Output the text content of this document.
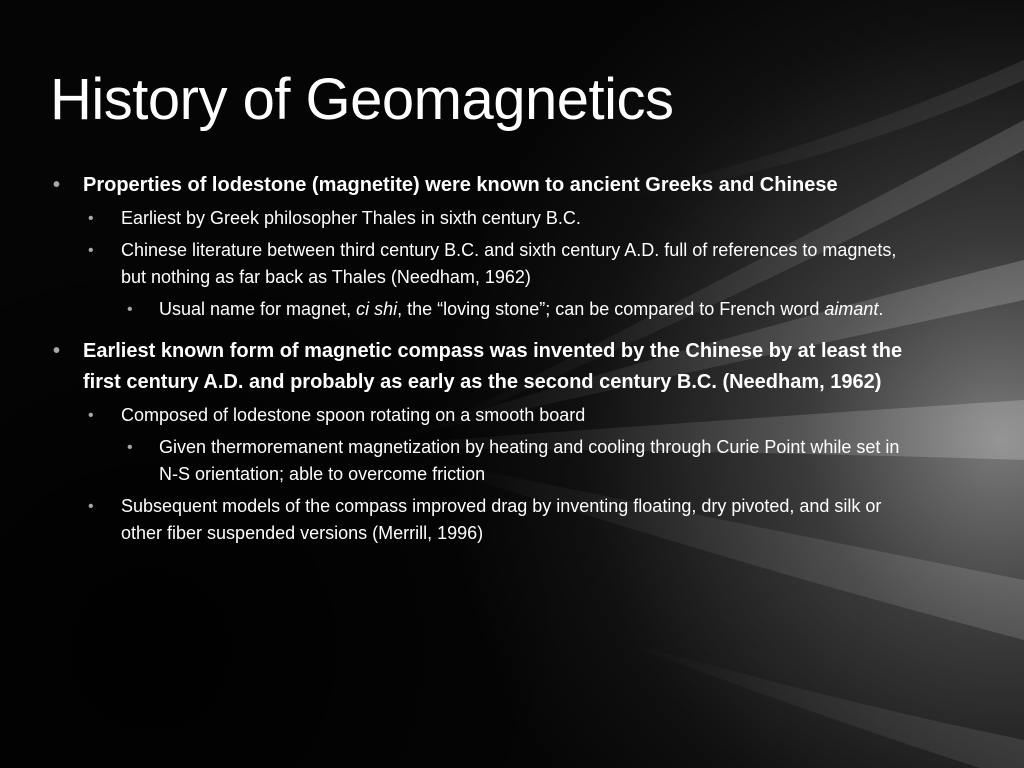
History of Geomagnetics
• Properties of lodestone (magnetite) were known to ancient Greeks and Chinese
• Earliest by Greek philosopher Thales in sixth century B.C.
• Chinese literature between third century B.C. and sixth century A.D. full of references to magnets, but nothing as far back as Thales (Needham, 1962)
• Usual name for magnet, ci shi, the “loving stone”; can be compared to French word aimant.
• Earliest known form of magnetic compass was invented by the Chinese by at least the first century A.D. and probably as early as the second century B.C. (Needham, 1962)
• Composed of lodestone spoon rotating on a smooth board
• Given thermoremanent magnetization by heating and cooling through Curie Point while set in N-S orientation; able to overcome friction
• Subsequent models of the compass improved drag by inventing floating, dry pivoted, and silk or other fiber suspended versions (Merrill, 1996)
